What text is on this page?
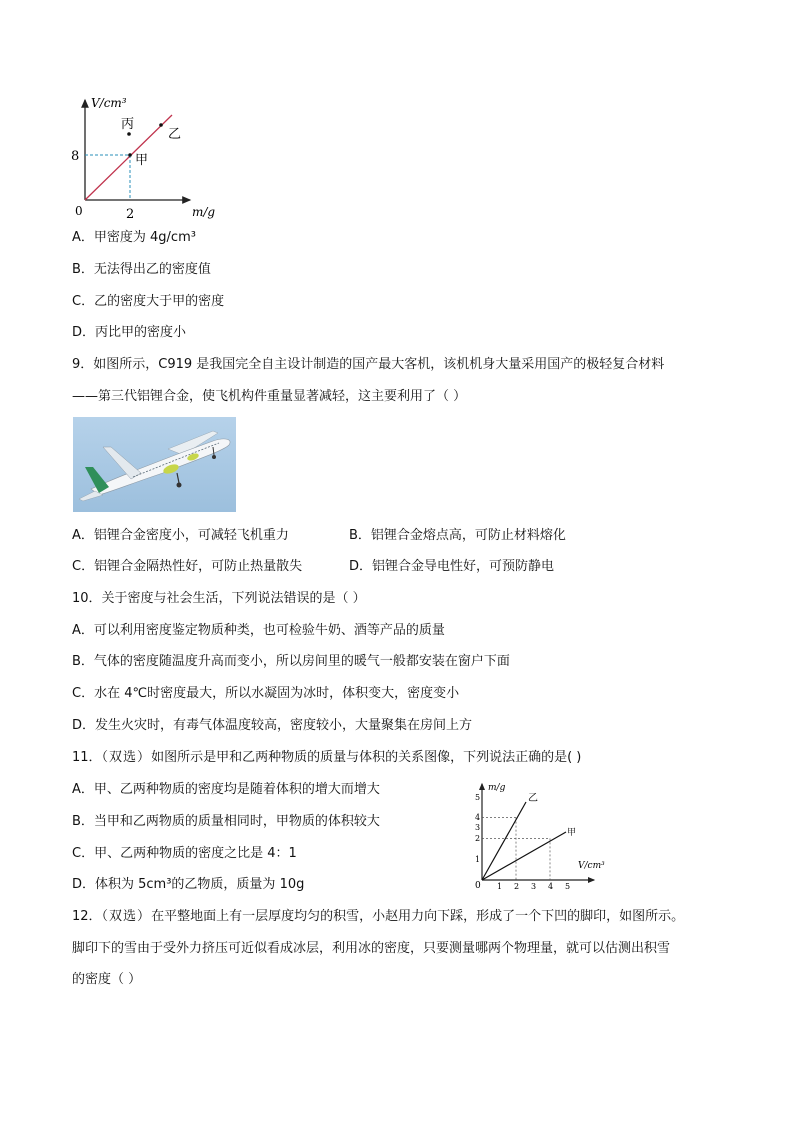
V/cm³
m/g
0
8
2
丙
乙
甲
A．甲密度为 4g/cm³
B．无法得出乙的密度值
C．乙的密度大于甲的密度
D．丙比甲的密度小
9．如图所示，C919 是我国完全自主设计制造的国产最大客机，该机机身大量采用国产的极轻复合材料
——第三代铝锂合金，使飞机构件重量显著减轻，这主要利用了（ ）
A．铝锂合金密度小，可减轻飞机重力	B．铝锂合金熔点高，可防止材料熔化
C．铝锂合金隔热性好，可防止热量散失	D．铝锂合金导电性好，可预防静电
10．关于密度与社会生活，下列说法错误的是（ ）
A．可以利用密度鉴定物质种类，也可检验牛奶、酒等产品的质量
B．气体的密度随温度升高而变小，所以房间里的暖气一般都安装在窗户下面
C．水在 4℃时密度最大，所以水凝固为冰时，体积变大，密度变小
D．发生火灾时，有毒气体温度较高，密度较小，大量聚集在房间上方
11．（双选）如图所示是甲和乙两种物质的质量与体积的关系图像，下列说法正确的是( )
A．甲、乙两种物质的密度均是随着体积的增大而增大
B．当甲和乙两物质的质量相同时，甲物质的体积较大
C．甲、乙两种物质的密度之比是 4：1
D．体积为 5cm³的乙物质，质量为 10g
乙
甲
m/g
V/cm³
0
1
2
3
4
5
1 2 3 4 5
12．（双选）在平整地面上有一层厚度均匀的积雪，小赵用力向下踩，形成了一个下凹的脚印，如图所示。
脚印下的雪由于受外力挤压可近似看成冰层，利用冰的密度，只要测量哪两个物理量，就可以估测出积雪
的密度（ ）
